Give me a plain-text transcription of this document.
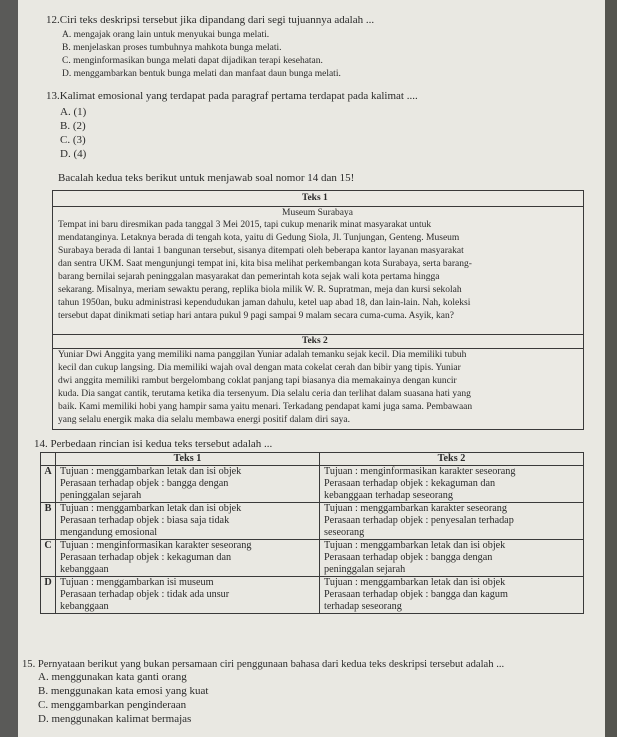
12.Ciri teks deskripsi tersebut jika dipandang dari segi tujuannya adalah ...
A. mengajak orang lain untuk menyukai bunga melati.
B. menjelaskan proses tumbuhnya mahkota bunga melati.
C. menginformasikan bunga melati dapat dijadikan terapi kesehatan.
D. menggambarkan bentuk bunga melati dan manfaat daun bunga melati.
13.Kalimat emosional yang terdapat pada paragraf pertama terdapat pada kalimat ....
A. (1)
B. (2)
C. (3)
D. (4)
Bacalah kedua teks berikut untuk menjawab soal nomor 14 dan 15!
Teks 1
Museum Surabaya
Tempat ini baru diresmikan pada tanggal 3 Mei 2015, tapi cukup menarik minat masyarakat untuk
mendatanginya. Letaknya berada di tengah kota, yaitu di Gedung Siola, Jl. Tunjungan, Genteng. Museum
Surabaya berada di lantai 1 bangunan tersebut, sisanya ditempati oleh beberapa kantor layanan masyarakat
dan sentra UKM. Saat mengunjungi tempat ini, kita bisa melihat perkembangan kota Surabaya, serta barang-
barang bernilai sejarah peninggalan masyarakat dan pemerintah kota sejak wali kota pertama hingga
sekarang. Misalnya, meriam sewaktu perang, replika biola milik W. R. Supratman, meja dan kursi sekolah
tahun 1950an, buku administrasi kependudukan jaman dahulu, ketel uap abad 18, dan lain-lain. Nah, koleksi
tersebut dapat dinikmati setiap hari antara pukul 9 pagi sampai 9 malam secara cuma-cuma. Asyik, kan?
Teks 2
Yuniar Dwi Anggita yang memiliki nama panggilan Yuniar adalah temanku sejak kecil. Dia memiliki tubuh
kecil dan cukup langsing. Dia memiliki wajah oval dengan mata cokelat cerah dan bibir yang tipis. Yuniar
dwi anggita memiliki rambut bergelombang coklat panjang tapi biasanya dia memakainya dengan kuncir
kuda. Dia sangat cantik, terutama ketika dia tersenyum. Dia selalu ceria dan terlihat dalam suasana hati yang
baik. Kami memiliki hobi yang hampir sama yaitu menari. Terkadang pendapat kami juga sama. Pembawaan
yang selalu energik maka dia selalu membawa energi positif dalam diri saya.
14. Perbedaan rincian isi kedua teks tersebut adalah ...
	Teks 1	Teks 2
A	Tujuan : menggambarkan letak dan isi objek
Perasaan terhadap objek : bangga dengan
peninggalan sejarah	Tujuan : menginformasikan karakter seseorang
Perasaan terhadap objek : kekaguman dan
kebanggaan terhadap seseorang

B	Tujuan : menggambarkan letak dan isi objek
Perasaan terhadap objek : biasa saja tidak
mengandung emosional	Tujuan : menggambarkan karakter seseorang
Perasaan terhadap objek : penyesalan terhadap
seseorang

C	Tujuan : menginformasikan karakter seseorang
Perasaan terhadap objek : kekaguman dan
kebanggaan	Tujuan : menggambarkan letak dan isi objek
Perasaan terhadap objek : bangga dengan
peninggalan sejarah

D	Tujuan : menggambarkan isi museum
Perasaan terhadap objek : tidak ada unsur
kebanggaan	Tujuan : menggambarkan letak dan isi objek
Perasaan terhadap objek : bangga dan kagum
terhadap seseorang
15. Pernyataan berikut yang bukan persamaan ciri penggunaan bahasa dari kedua teks deskripsi tersebut adalah ...
A. menggunakan kata ganti orang
B. menggunakan kata emosi yang kuat
C. menggambarkan penginderaan
D. menggunakan kalimat bermajas
